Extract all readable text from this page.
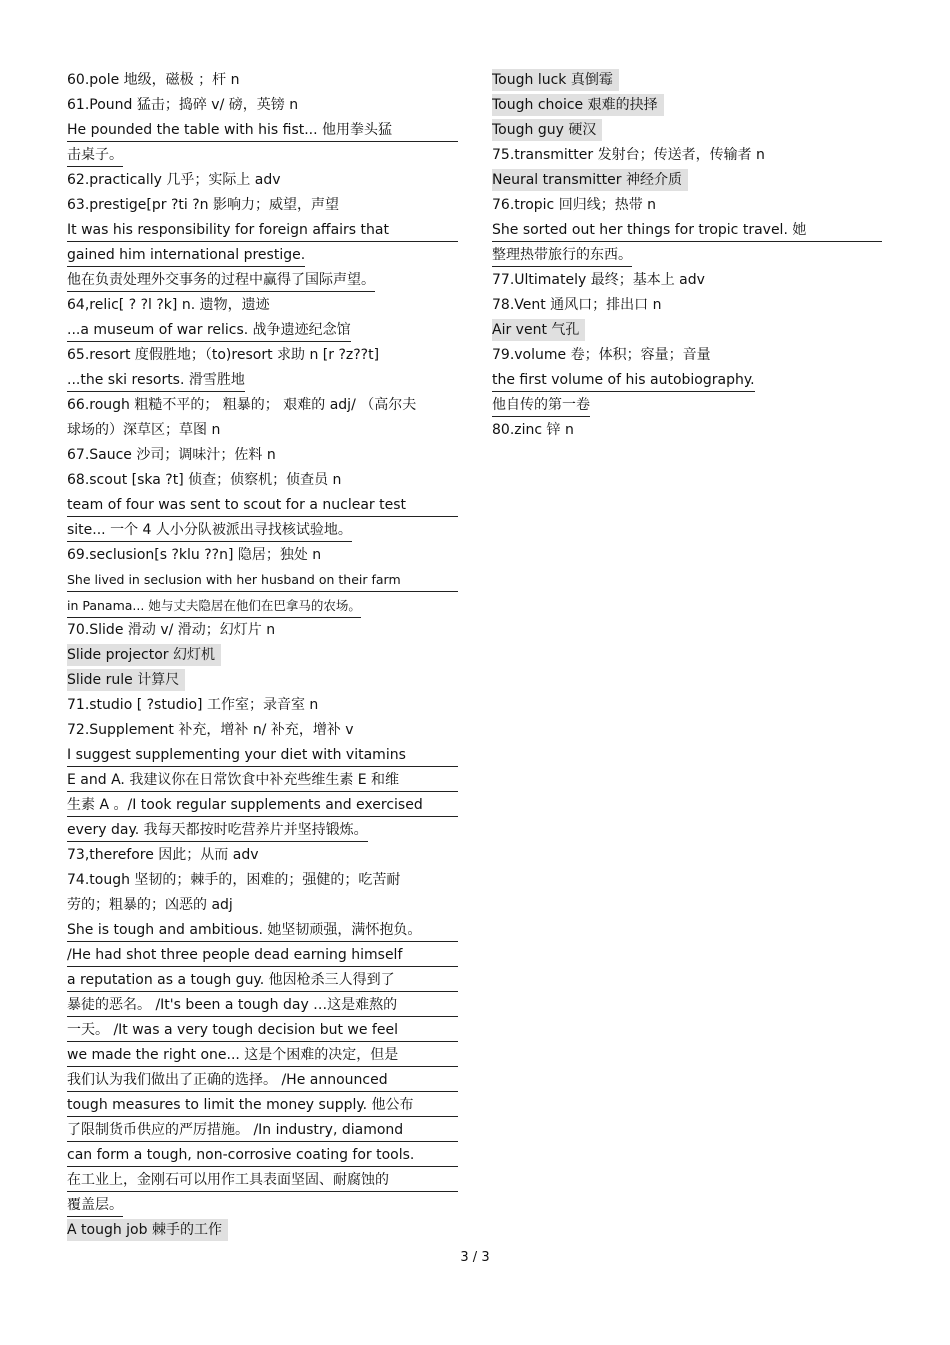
60.pole 地级，磁极 ；杆 n
61.Pound 猛击；捣碎 v/ 磅，英镑 n
He pounded the table with his fist... 他用拳头猛
击桌子。
62.practically 几乎；实际上 adv
63.prestige[pr ?ti ?n 影响力；威望，声望
It was his responsibility for foreign affairs that
gained him international prestige.
他在负责处理外交事务的过程中赢得了国际声望。
64,relic[ ? ?l ?k] n. 遗物，遗迹
...a museum of war relics. 战争遗迹纪念馆
65.resort 度假胜地；（to)resort 求助 n [r ?z??t]
...the ski resorts. 滑雪胜地
66.rough 粗糙不平的； 粗暴的； 艰难的 adj/ （高尔夫
球场的）深草区；草图 n
67.Sauce 沙司；调味汁；佐料 n
68.scout [ska ?t] 侦查；侦察机；侦查员 n
team of four was sent to scout for a nuclear test
site... 一个 4 人小分队被派出寻找核试验地。
69.seclusion[s ?klu ??n] 隐居；独处 n
She lived in seclusion with her husband on their farm
in Panama... 她与丈夫隐居在他们在巴拿马的农场。
70.Slide 滑动 v/ 滑动；幻灯片 n
Slide projector 幻灯机
Slide rule 计算尺
71.studio [ ?studio] 工作室；录音室 n
72.Supplement 补充，增补 n/ 补充，增补 v
I suggest supplementing your diet with vitamins
E and A. 我建议你在日常饮食中补充些维生素 E 和维
生素 A 。/I took regular supplements and exercised
every day. 我每天都按时吃营养片并坚持锻炼。
73,therefore 因此；从而 adv
74.tough 坚韧的；棘手的，困难的；强健的；吃苦耐
劳的；粗暴的；凶恶的 adj
She is tough and ambitious. 她坚韧顽强，满怀抱负。
/He had shot three people dead earning himself
a reputation as a tough guy. 他因枪杀三人得到了
暴徒的恶名。 /It's been a tough day …这是难熬的
一天。 /It was a very tough decision but we feel
we made the right one... 这是个困难的决定，但是
我们认为我们做出了正确的选择。 /He announced
tough measures to limit the money supply. 他公布
了限制货币供应的严厉措施。 /In industry, diamond
can form a tough, non-corrosive coating for tools.
在工业上，金刚石可以用作工具表面坚固、耐腐蚀的
覆盖层。
A tough job 棘手的工作
Tough luck 真倒霉
Tough choice 艰难的抉择
Tough guy 硬汉
75.transmitter 发射台；传送者，传输者 n
Neural transmitter 神经介质
76.tropic 回归线；热带 n
She sorted out her things for tropic travel. 她
整理热带旅行的东西。
77.Ultimately 最终；基本上 adv
78.Vent 通风口；排出口 n
Air vent 气孔
79.volume 卷；体积；容量；音量
the first volume of his autobiography.
他自传的第一卷
80.zinc 锌 n
3 / 3
